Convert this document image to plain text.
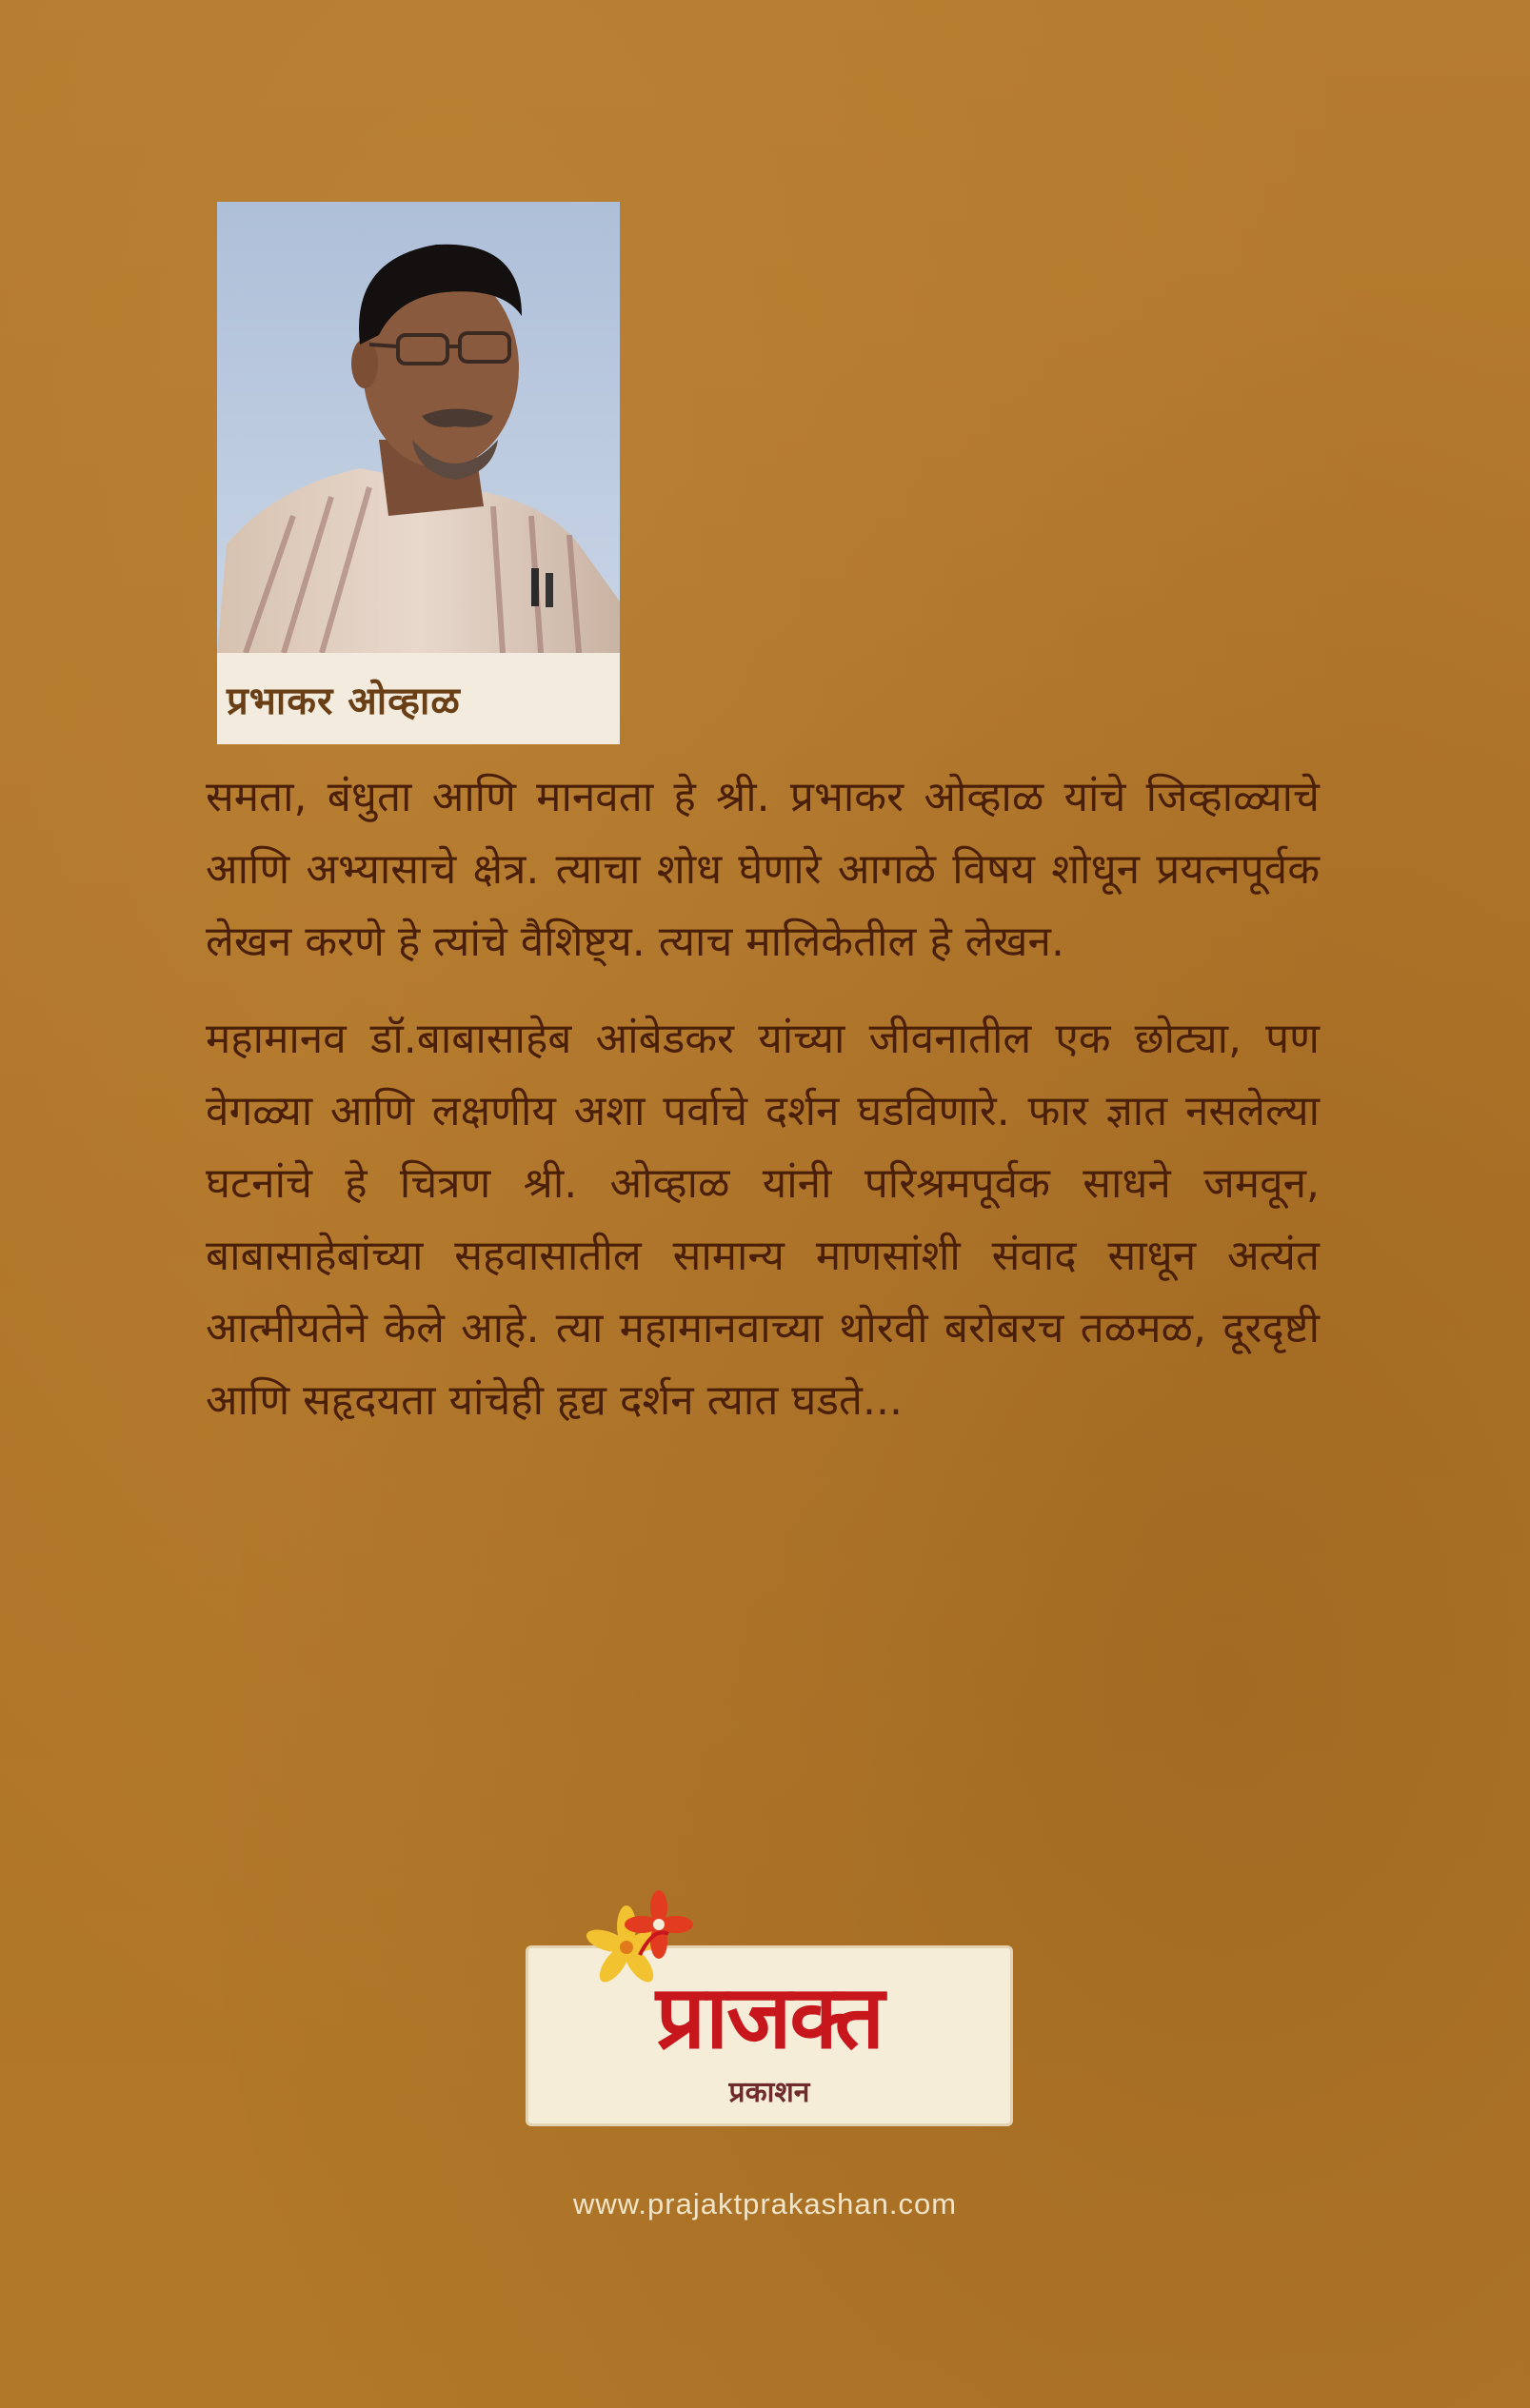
प्रभाकर ओव्हाळ

समता, बंधुता आणि मानवता हे श्री. प्रभाकर ओव्हाळ यांचे जिव्हाळ्याचे आणि अभ्यासाचे क्षेत्र. त्याचा शोध घेणारे आगळे विषय शोधून प्रयत्नपूर्वक लेखन करणे हे त्यांचे वैशिष्ट्य. त्याच मालिकेतील हे लेखन.

महामानव डॉ.बाबासाहेब आंबेडकर यांच्या जीवनातील एक छोट्या, पण वेगळ्या आणि लक्षणीय अशा पर्वाचे दर्शन घडविणारे. फार ज्ञात नसलेल्या घटनांचे हे चित्रण श्री. ओव्हाळ यांनी परिश्रमपूर्वक साधने जमवून, बाबासाहेबांच्या सहवासातील सामान्य माणसांशी संवाद साधून अत्यंत आत्मीयतेने केले आहे. त्या महामानवाच्या थोरवी बरोबरच तळमळ, दूरदृष्टी आणि सहृदयता यांचेही हृद्य दर्शन त्यात घडते...

प्राजक्त
प्रकाशन
www.prajaktprakashan.com
